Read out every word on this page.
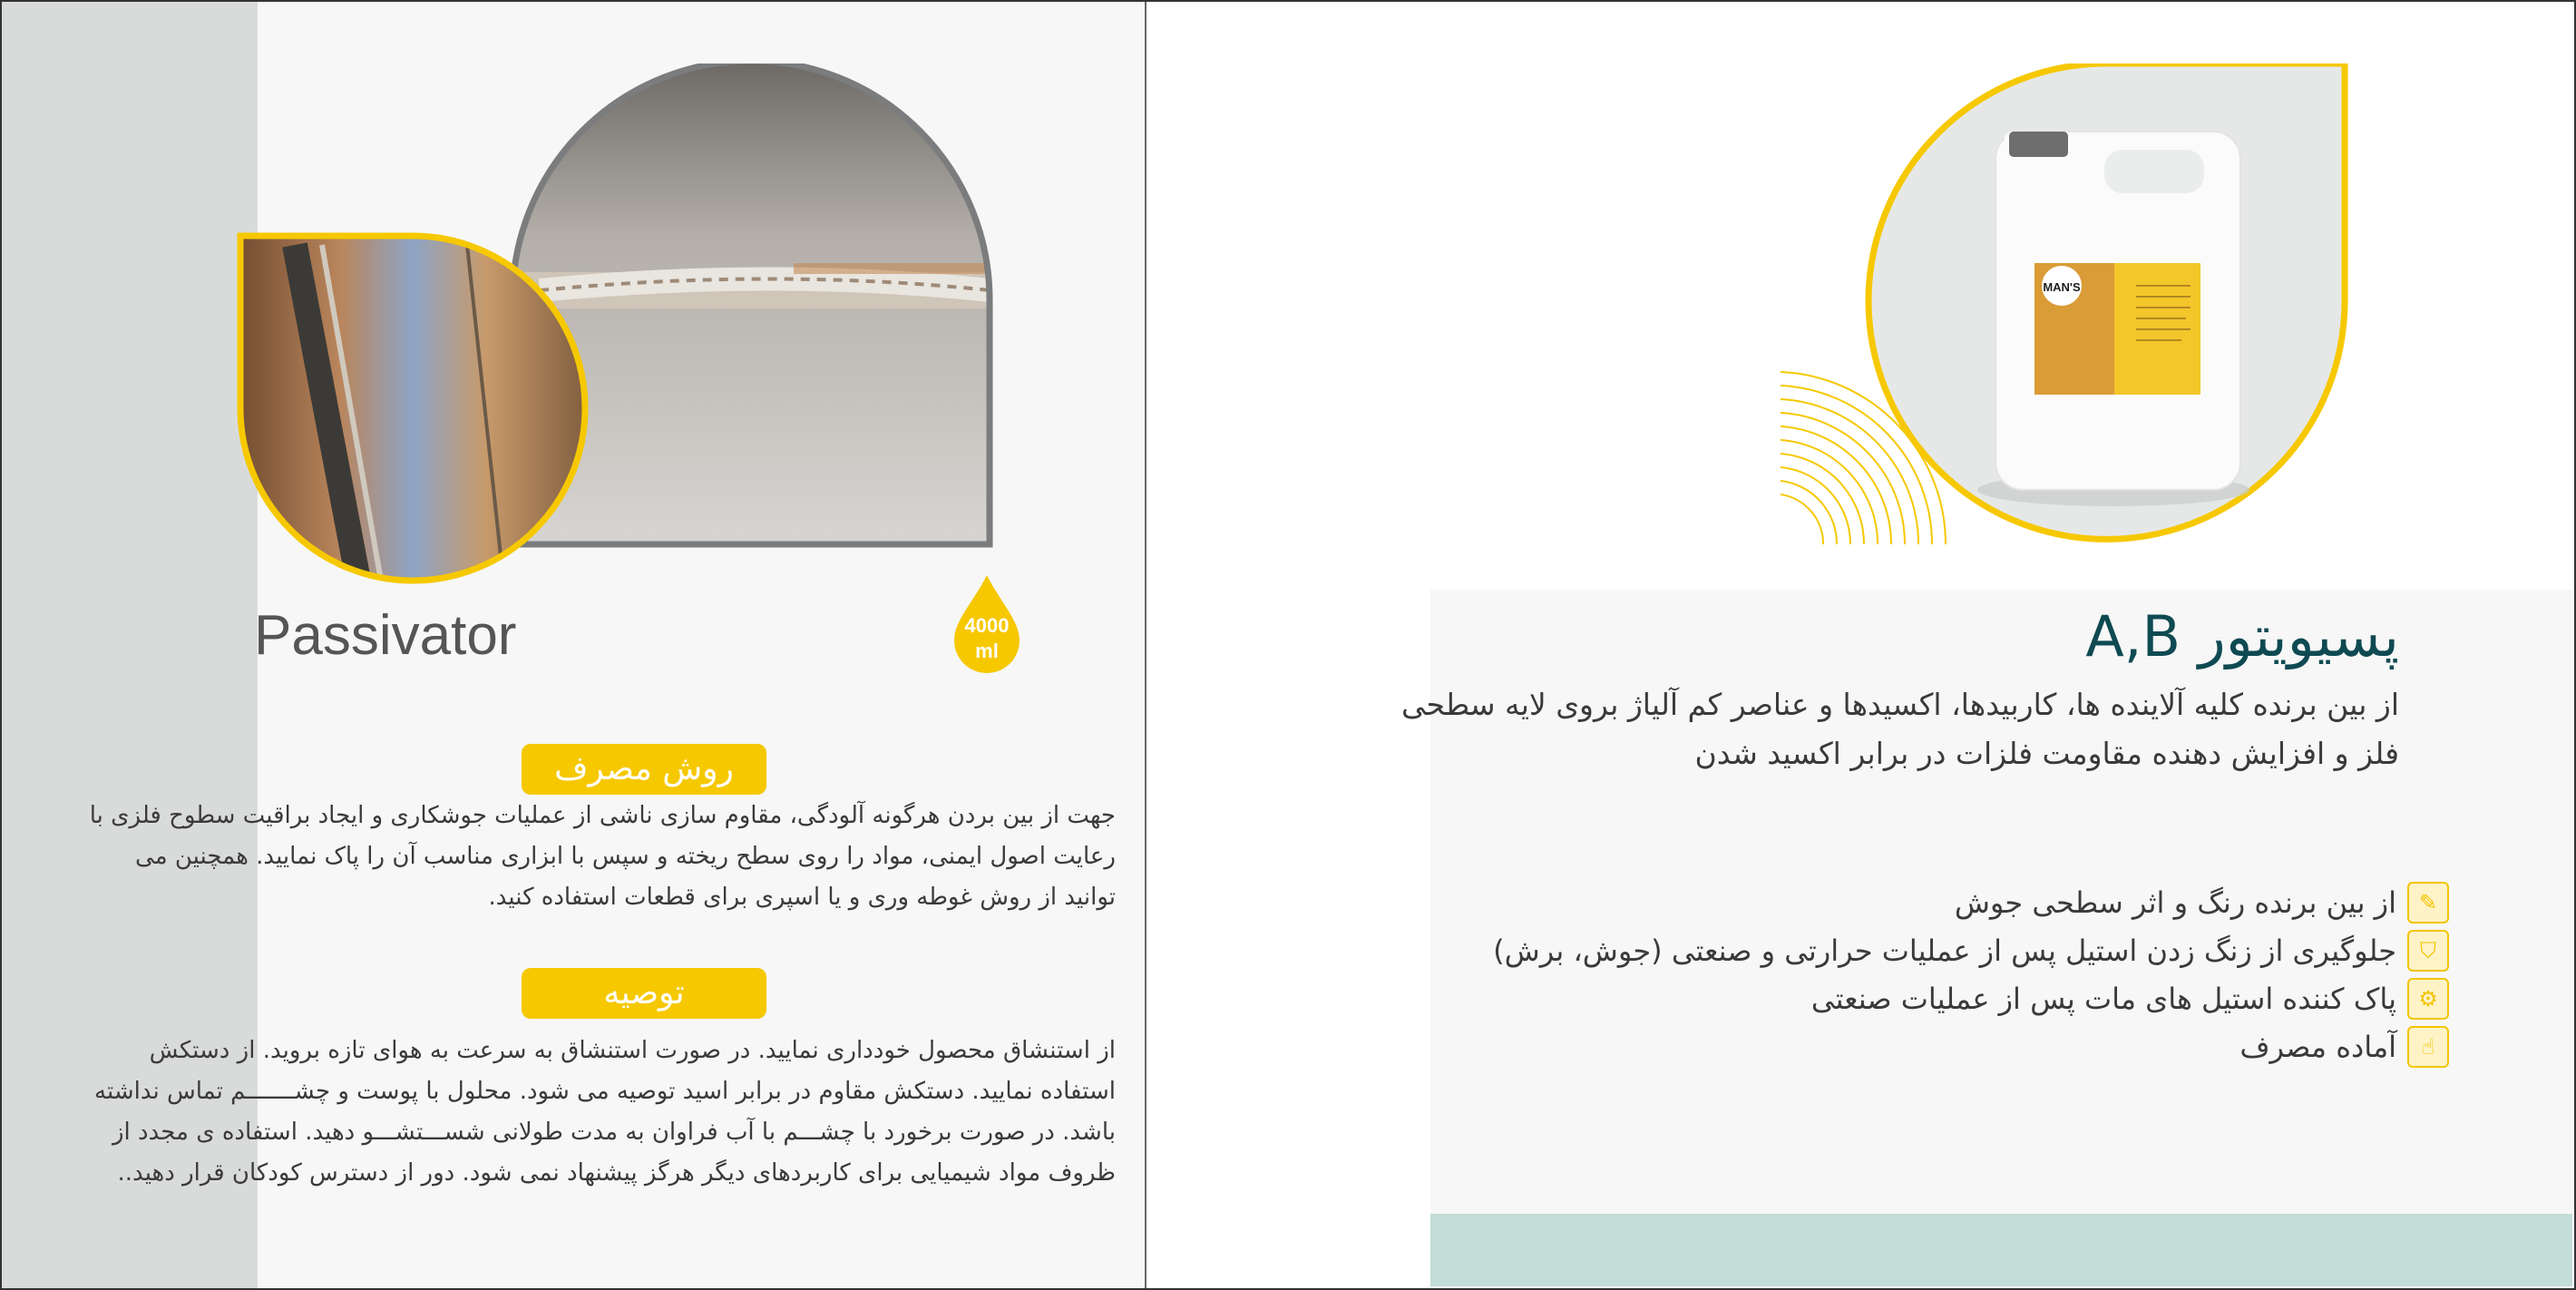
MAN'S
پسیویتور A,B
از بین برنده کلیه آلاینده ها، کاربیدها، اکسیدها و عناصر کم آلیاژ بروی لایه سطحی فلز و افزایش دهنده مقاومت فلزات در برابر اکسید شدن
✎
از بین برنده رنگ و اثر سطحی جوش
⛉
جلوگیری از زنگ زدن استیل پس از عملیات حرارتی و صنعتی (جوش، برش)
⚙
پاک کننده استیل های مات پس از عملیات صنعتی
☝
آماده مصرف
Passivator	4000
ml
روش مصرف
جهت از بین بردن هرگونه آلودگی، مقاوم سازی ناشی از عملیات جوشکاری و ایجاد براقیت سطوح فلزی با رعایت اصول ایمنی، مواد را روی سطح ریخته و سپس با ابزاری مناسب آن را پاک نمایید. همچنین می توانید از روش غوطه وری و یا اسپری برای قطعات استفاده کنید.
توصیه
از استنشاق محصول خودداری نمایید. در صورت استنشاق به سرعت به هوای تازه بروید. از دستکش استفاده نمایید. دستکش مقاوم در برابر اسید توصیه می شود. محلول با پوست و چشـــــــم تماس نداشته باشد. در صورت برخورد با چشـــم با آب فراوان به مدت طولانی شســـتشـــو دهید. استفاده ی مجدد از ظروف مواد شیمیایی برای کاربردهای دیگر هرگز پیشنهاد نمی شود. دور از دسترس کودکان قرار دهید..
